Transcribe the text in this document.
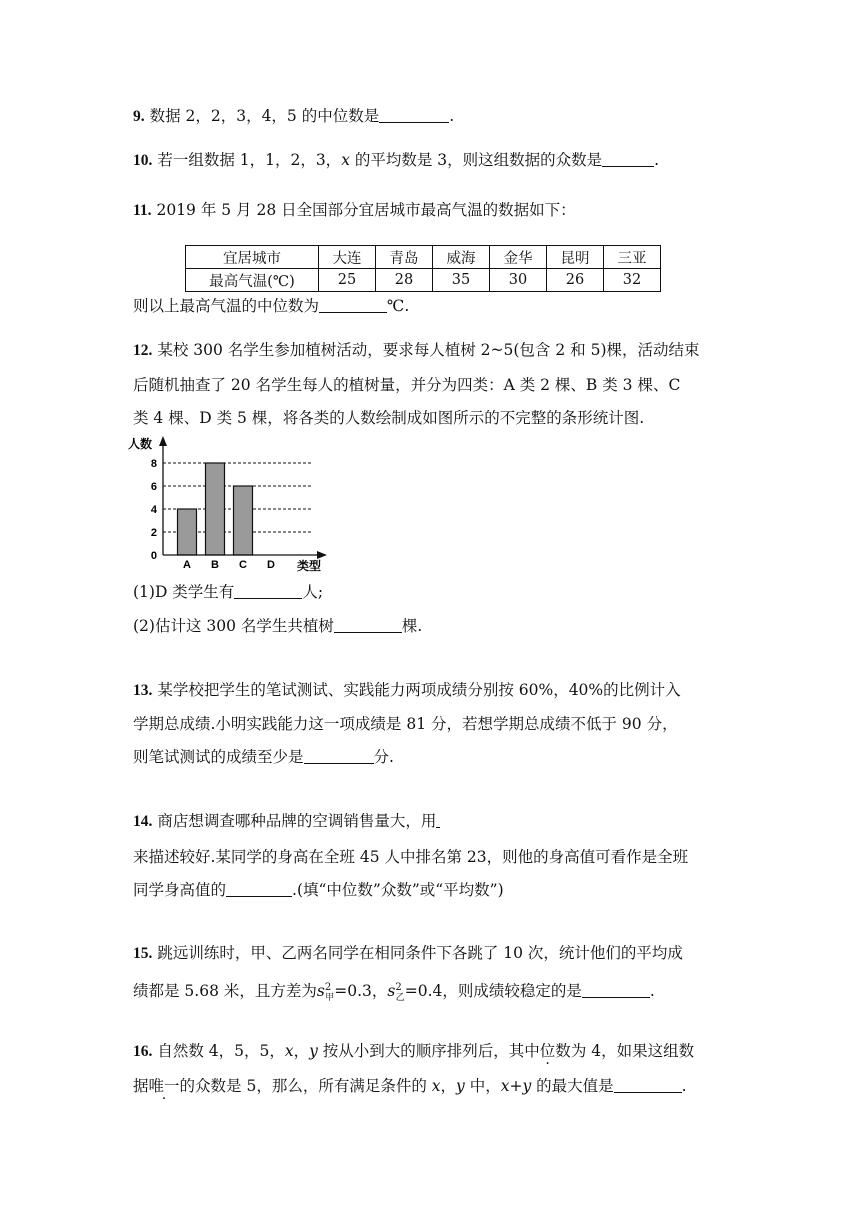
9. 数据 2，2，3，4，5 的中位数是	.
10. 若一组数据 1，1，2，3，x 的平均数是 3，则这组数据的众数是	.
11. 2019 年 5 月 28 日全国部分宜居城市最高气温的数据如下：
宜居城市	大连	青岛	威海	金华	昆明	三亚
最高气温(℃)	25	28	35	30	26	32
则以上最高气温的中位数为	℃.
12. 某校 300 名学生参加植树活动，要求每人植树 2~5(包含 2 和 5)棵，活动结束
后随机抽查了 20 名学生每人的植树量，并分为四类：A 类 2 棵、B 类 3 棵、C
类 4 棵、D 类 5 棵，将各类的人数绘制成如图所示的不完整的条形统计图.
0
2
4
6
8
A B C D
人数
类型
(1)D 类学生有	人;
(2)估计这 300 名学生共植树	棵.
13. 某学校把学生的笔试测试、实践能力两项成绩分别按 60%，40%的比例计入
学期总成绩.小明实践能力这一项成绩是 81 分，若想学期总成绩不低于 90 分，
则笔试测试的成绩至少是	分.
14. 商店想调查哪种品牌的空调销售量大，用
来描述较好.某同学的身高在全班 45 人中排名第 23，则他的身高值可看作是全班
同学身高值的	.(填“中位数”众数”或“平均数”)
15. 跳远训练时，甲、乙两名同学在相同条件下各跳了 10 次，统计他们的平均成
绩都是 5.68 米，且方差为$s^2_甲=0.3$，$s^2_乙=0.4$，则成绩较稳定的是	.
16. 自然数 4，5，5，x，y 按从小到大的顺序排列后，其中位数为 4，如果这组数
据唯一的众数是 5，那么，所有满足条件的 x，y 中，x+y 的最大值是	.
